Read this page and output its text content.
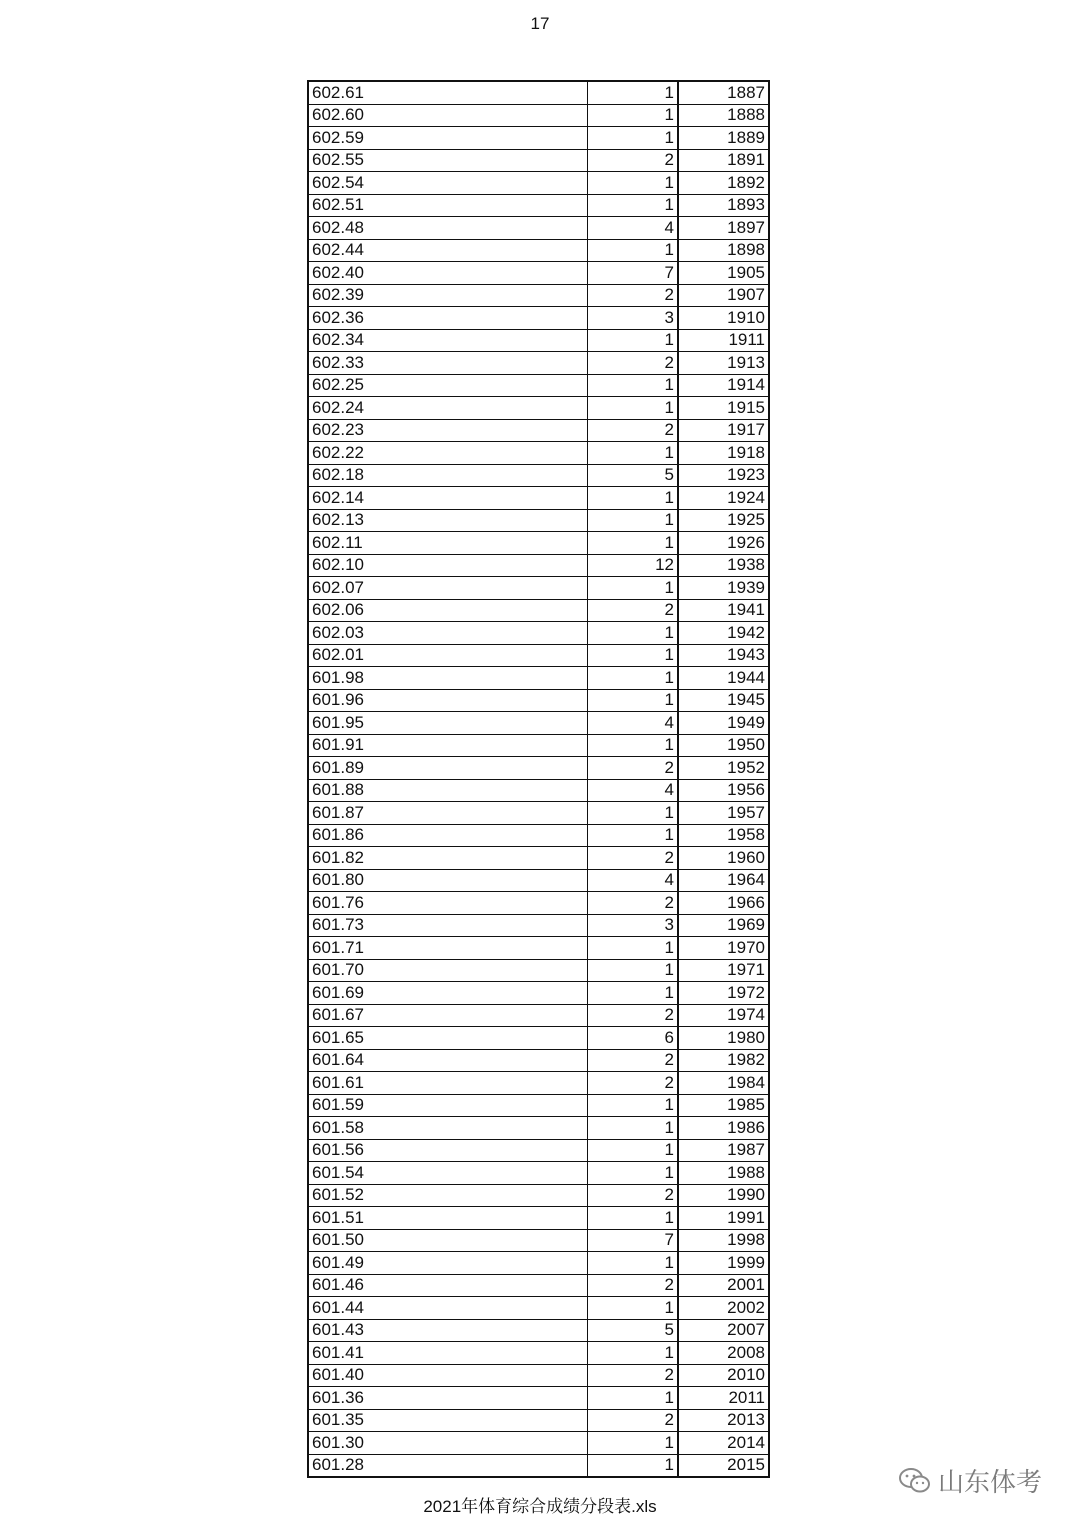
17
602.61	1	1887
602.60	1	1888
602.59	1	1889
602.55	2	1891
602.54	1	1892
602.51	1	1893
602.48	4	1897
602.44	1	1898
602.40	7	1905
602.39	2	1907
602.36	3	1910
602.34	1	1911
602.33	2	1913
602.25	1	1914
602.24	1	1915
602.23	2	1917
602.22	1	1918
602.18	5	1923
602.14	1	1924
602.13	1	1925
602.11	1	1926
602.10	12	1938
602.07	1	1939
602.06	2	1941
602.03	1	1942
602.01	1	1943
601.98	1	1944
601.96	1	1945
601.95	4	1949
601.91	1	1950
601.89	2	1952
601.88	4	1956
601.87	1	1957
601.86	1	1958
601.82	2	1960
601.80	4	1964
601.76	2	1966
601.73	3	1969
601.71	1	1970
601.70	1	1971
601.69	1	1972
601.67	2	1974
601.65	6	1980
601.64	2	1982
601.61	2	1984
601.59	1	1985
601.58	1	1986
601.56	1	1987
601.54	1	1988
601.52	2	1990
601.51	1	1991
601.50	7	1998
601.49	1	1999
601.46	2	2001
601.44	1	2002
601.43	5	2007
601.41	1	2008
601.40	2	2010
601.36	1	2011
601.35	2	2013
601.30	1	2014
601.28	1	2015
2021年体育综合成绩分段表.xls
山东体考
